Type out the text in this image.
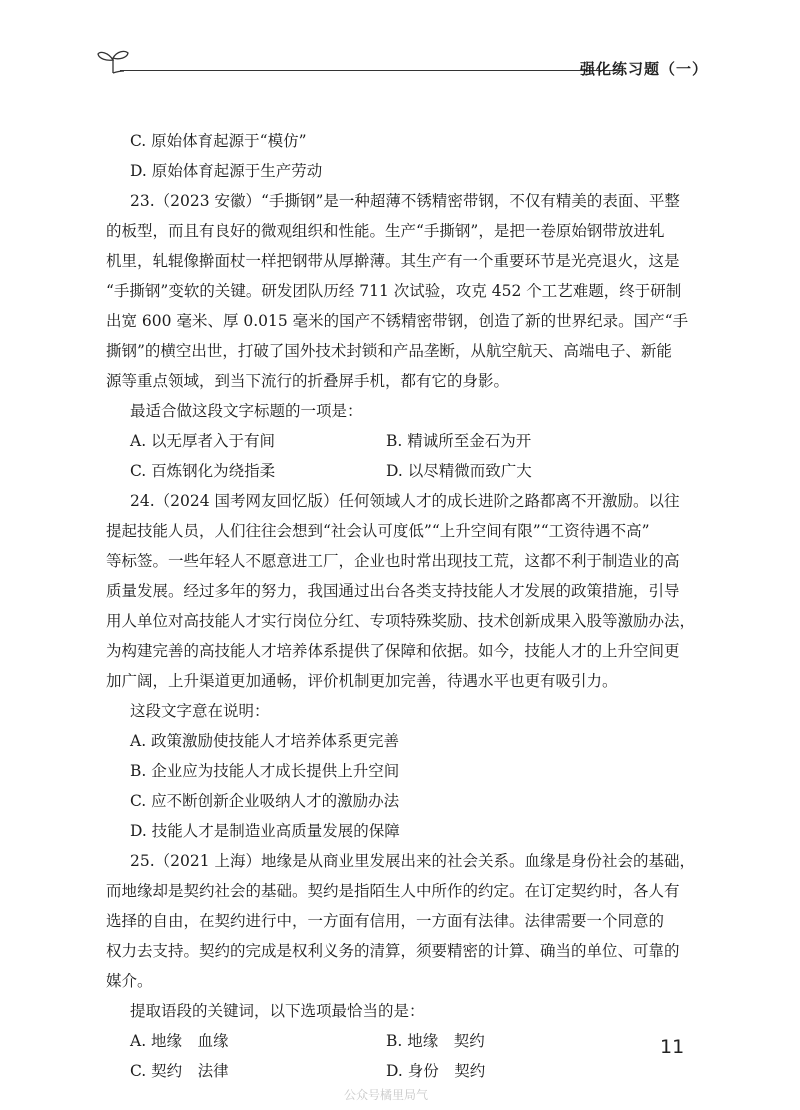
强化练习题（一）
C. 原始体育起源于“模仿”
D. 原始体育起源于生产劳动
23.（2023 安徽）“手撕钢”是一种超薄不锈精密带钢，不仅有精美的表面、平整
的板型，而且有良好的微观组织和性能。生产“手撕钢”，是把一卷原始钢带放进轧
机里，轧辊像擀面杖一样把钢带从厚擀薄。其生产有一个重要环节是光亮退火，这是
“手撕钢”变软的关键。研发团队历经 711 次试验，攻克 452 个工艺难题，终于研制
出宽 600 毫米、厚 0.015 毫米的国产不锈精密带钢，创造了新的世界纪录。国产“手
撕钢”的横空出世，打破了国外技术封锁和产品垄断，从航空航天、高端电子、新能
源等重点领域，到当下流行的折叠屏手机，都有它的身影。
最适合做这段文字标题的一项是：
A. 以无厚者入于有间	B. 精诚所至金石为开
C. 百炼钢化为绕指柔	D. 以尽精微而致广大
24.（2024 国考网友回忆版）任何领域人才的成长进阶之路都离不开激励。以往
提起技能人员，人们往往会想到“社会认可度低”“上升空间有限”“工资待遇不高”
等标签。一些年轻人不愿意进工厂，企业也时常出现技工荒，这都不利于制造业的高
质量发展。经过多年的努力，我国通过出台各类支持技能人才发展的政策措施，引导
用人单位对高技能人才实行岗位分红、专项特殊奖励、技术创新成果入股等激励办法，
为构建完善的高技能人才培养体系提供了保障和依据。如今，技能人才的上升空间更
加广阔，上升渠道更加通畅，评价机制更加完善，待遇水平也更有吸引力。
这段文字意在说明：
A. 政策激励使技能人才培养体系更完善
B. 企业应为技能人才成长提供上升空间
C. 应不断创新企业吸纳人才的激励办法
D. 技能人才是制造业高质量发展的保障
25.（2021 上海）地缘是从商业里发展出来的社会关系。血缘是身份社会的基础，
而地缘却是契约社会的基础。契约是指陌生人中所作的约定。在订定契约时，各人有
选择的自由，在契约进行中，一方面有信用，一方面有法律。法律需要一个同意的
权力去支持。契约的完成是权利义务的清算，须要精密的计算、确当的单位、可靠的
媒介。
提取语段的关键词，以下选项最恰当的是：
A. 地缘　血缘	B. 地缘　契约
C. 契约　法律	D. 身份　契约
11
公众号橘里局气
